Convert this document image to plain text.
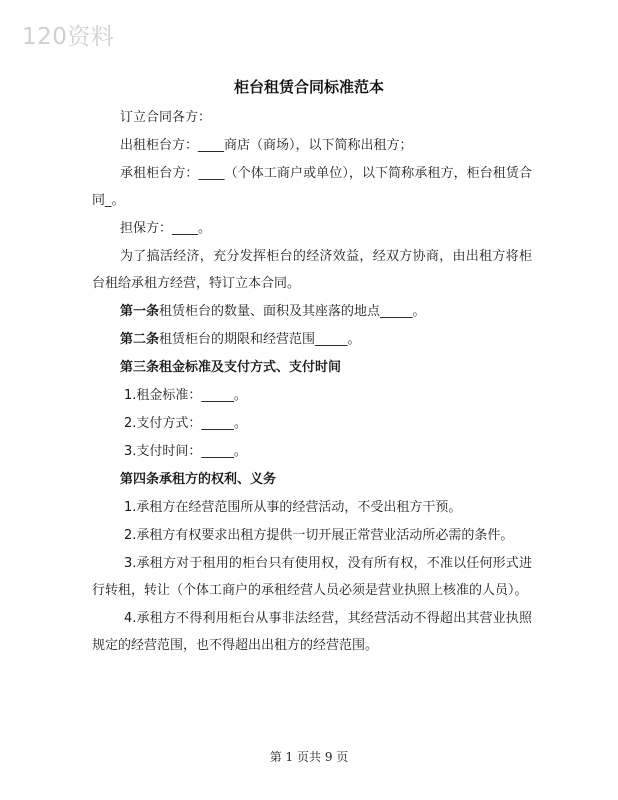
120资料
柜台租赁合同标准范本

订立合同各方：

出租柜台方：____商店（商场），以下简称出租方；

承租柜台方：____（个体工商户或单位），以下简称承租方，柜台租赁合同_。

担保方：____。

为了搞活经济，充分发挥柜台的经济效益，经双方协商，由出租方将柜台租给承租方经营，特订立本合同。

第一条租赁柜台的数量、面积及其座落的地点_____。

第二条租赁柜台的期限和经营范围_____。

第三条租金标准及支付方式、支付时间

1.租金标准：_____。

2.支付方式：_____。

3.支付时间：_____。

第四条承租方的权利、义务

1.承租方在经营范围所从事的经营活动，不受出租方干预。

2.承租方有权要求出租方提供一切开展正常营业活动所必需的条件。

3.承租方对于租用的柜台只有使用权，没有所有权，不准以任何形式进行转租，转让（个体工商户的承租经营人员必须是营业执照上核准的人员）。

4.承租方不得利用柜台从事非法经营，其经营活动不得超出其营业执照规定的经营范围，也不得超出出租方的经营范围。

第 1 页共 9 页
